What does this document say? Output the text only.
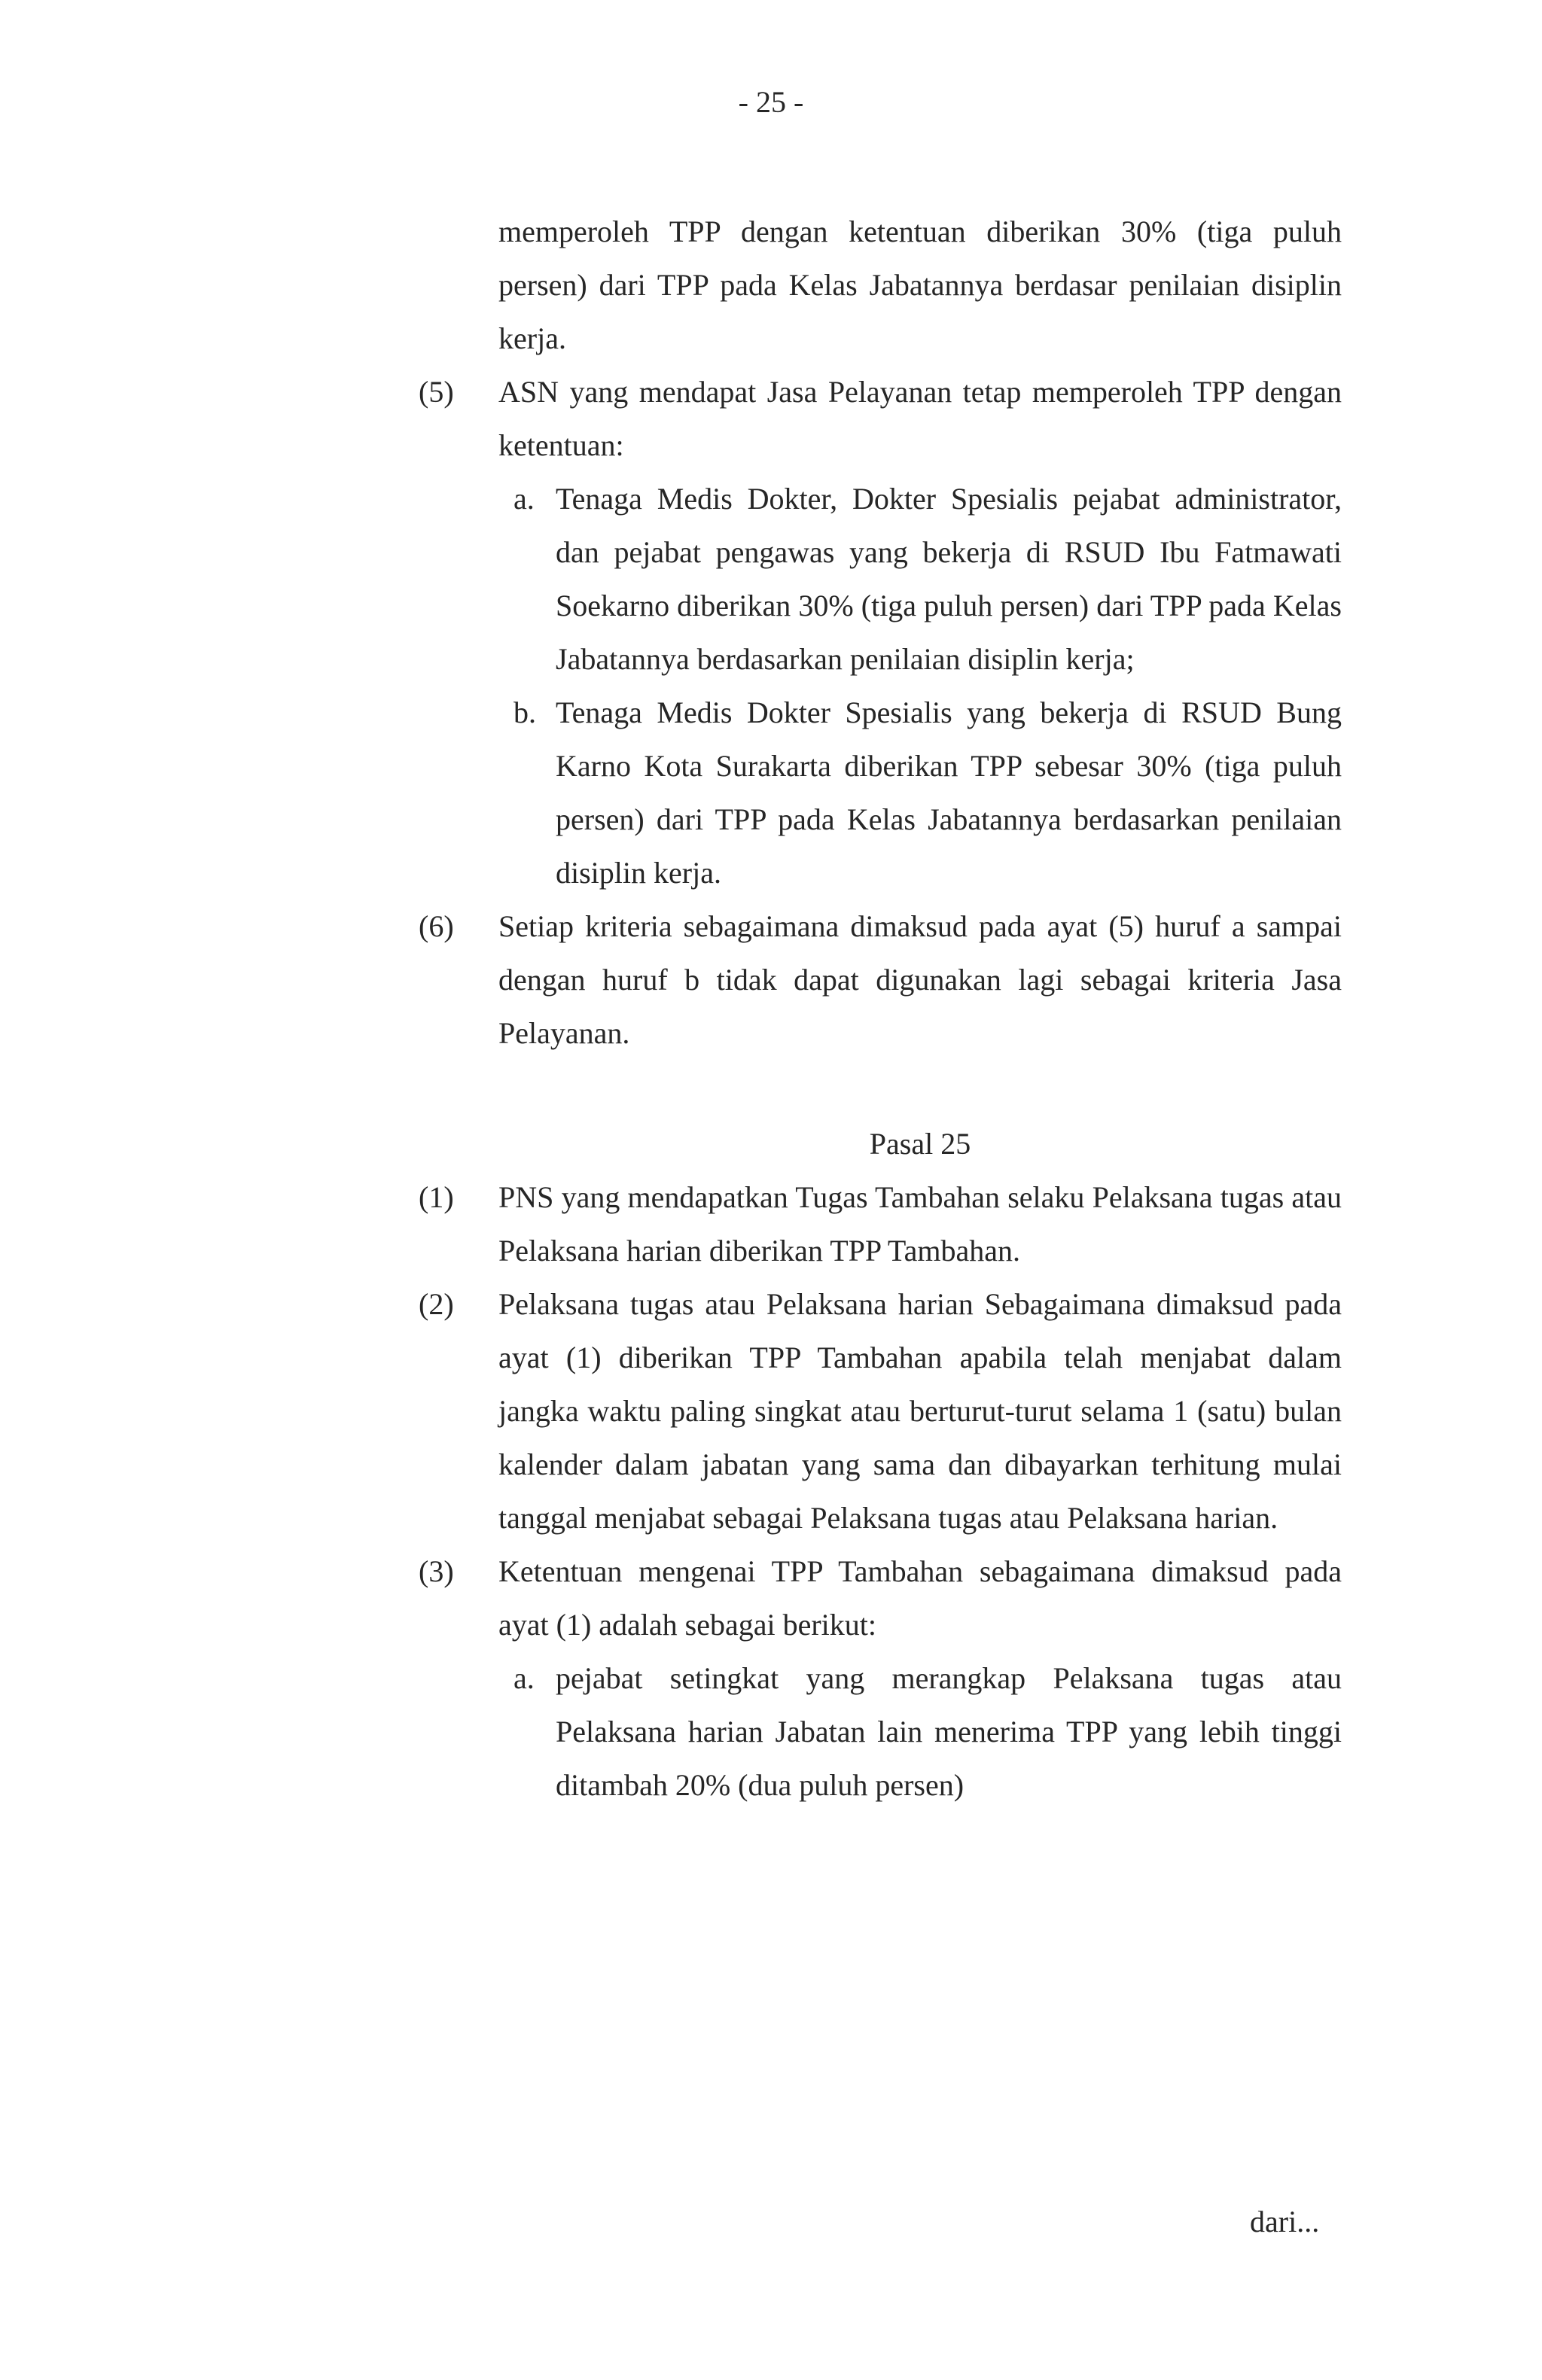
- 25 -
memperoleh TPP dengan ketentuan diberikan 30% (tiga puluh persen) dari TPP pada Kelas Jabatannya berdasar penilaian disiplin kerja.
(5) ASN yang mendapat Jasa Pelayanan tetap memperoleh TPP dengan ketentuan:
a. Tenaga Medis Dokter, Dokter Spesialis pejabat administrator, dan pejabat pengawas yang bekerja di RSUD Ibu Fatmawati Soekarno diberikan 30% (tiga puluh persen) dari TPP pada Kelas Jabatannya berdasarkan penilaian disiplin kerja;
b. Tenaga Medis Dokter Spesialis yang bekerja di RSUD Bung Karno Kota Surakarta diberikan TPP sebesar 30% (tiga puluh persen) dari TPP pada Kelas Jabatannya berdasarkan penilaian disiplin kerja.
(6) Setiap kriteria sebagaimana dimaksud pada ayat (5) huruf a sampai dengan huruf b tidak dapat digunakan lagi sebagai kriteria Jasa Pelayanan.
Pasal 25
(1) PNS yang mendapatkan Tugas Tambahan selaku Pelaksana tugas atau Pelaksana harian diberikan TPP Tambahan.
(2) Pelaksana tugas atau Pelaksana harian Sebagaimana dimaksud pada ayat (1) diberikan TPP Tambahan apabila telah menjabat dalam jangka waktu paling singkat atau berturut-turut selama 1 (satu) bulan kalender dalam jabatan yang sama dan dibayarkan terhitung mulai tanggal menjabat sebagai Pelaksana tugas atau Pelaksana harian.
(3) Ketentuan mengenai TPP Tambahan sebagaimana dimaksud pada ayat (1) adalah sebagai berikut:
a. pejabat setingkat yang merangkap Pelaksana tugas atau Pelaksana harian Jabatan lain menerima TPP yang lebih tinggi ditambah 20% (dua puluh persen)
dari...
